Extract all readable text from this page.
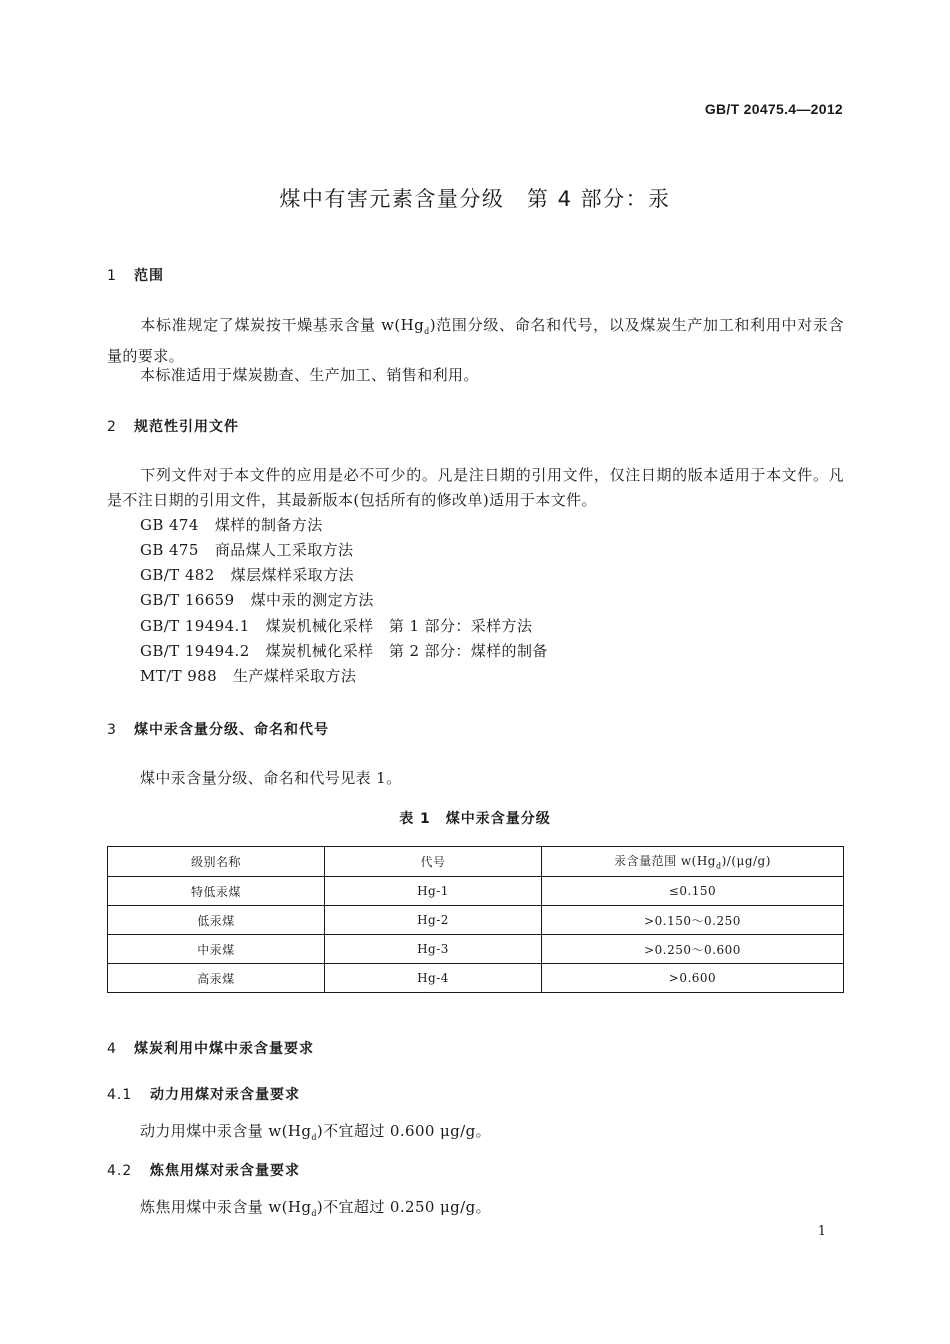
GB/T 20475.4—2012
煤中有害元素含量分级　第 4 部分：汞
1 范围
本标准规定了煤炭按干燥基汞含量 $w(Hg_d)$范围分级、命名和代号，以及煤炭生产加工和利用中对汞含量的要求。
本标准适用于煤炭勘查、生产加工、销售和利用。
2 规范性引用文件
下列文件对于本文件的应用是必不可少的。凡是注日期的引用文件，仅注日期的版本适用于本文件。凡是不注日期的引用文件，其最新版本(包括所有的修改单)适用于本文件。
GB 474 煤样的制备方法
GB 475 商品煤人工采取方法
GB/T 482 煤层煤样采取方法
GB/T 16659 煤中汞的测定方法
GB/T 19494.1 煤炭机械化采样　第 1 部分：采样方法
GB/T 19494.2 煤炭机械化采样　第 2 部分：煤样的制备
MT/T 988 生产煤样采取方法
3 煤中汞含量分级、命名和代号
煤中汞含量分级、命名和代号见表 1。
表 1　煤中汞含量分级
级别名称	代号	汞含量范围 $w(Hg_d)/(\mu g/g)$
特低汞煤	Hg-1	≤0.150
低汞煤	Hg-2	>0.150～0.250
中汞煤	Hg-3	>0.250～0.600
高汞煤	Hg-4	>0.600
4 煤炭利用中煤中汞含量要求
4.1 动力用煤对汞含量要求
动力用煤中汞含量 $w(Hg_d)$不宜超过 0.600 μg/g。
4.2 炼焦用煤对汞含量要求
炼焦用煤中汞含量 $w(Hg_d)$不宜超过 0.250 μg/g。
1
